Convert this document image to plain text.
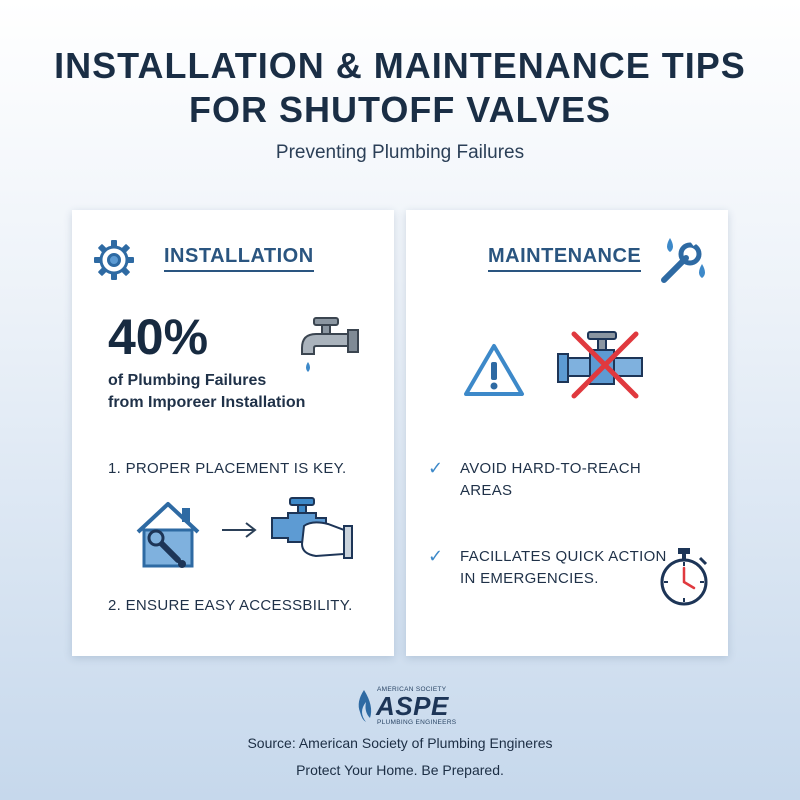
INSTALLATION & MAINTENANCE TIPS
FOR SHUTOFF VALVES
Preventing Plumbing Failures
INSTALLATION
40%
of Plumbing Failures
from Imporeer Installation
1. PROPER PLACEMENT IS KEY.
2. ENSURE EASY ACCESSBILITY.
MAINTENANCE
✓ AVOID HARD-TO-REACH
AREAS
✓ FACILLATES QUICK ACTION
IN EMERGENCIES.
AMERICAN SOCIETY
ASPE
PLUMBING ENGINEERS
Source: American Society of Plumbing Engineres
Protect Your Home. Be Prepared.
